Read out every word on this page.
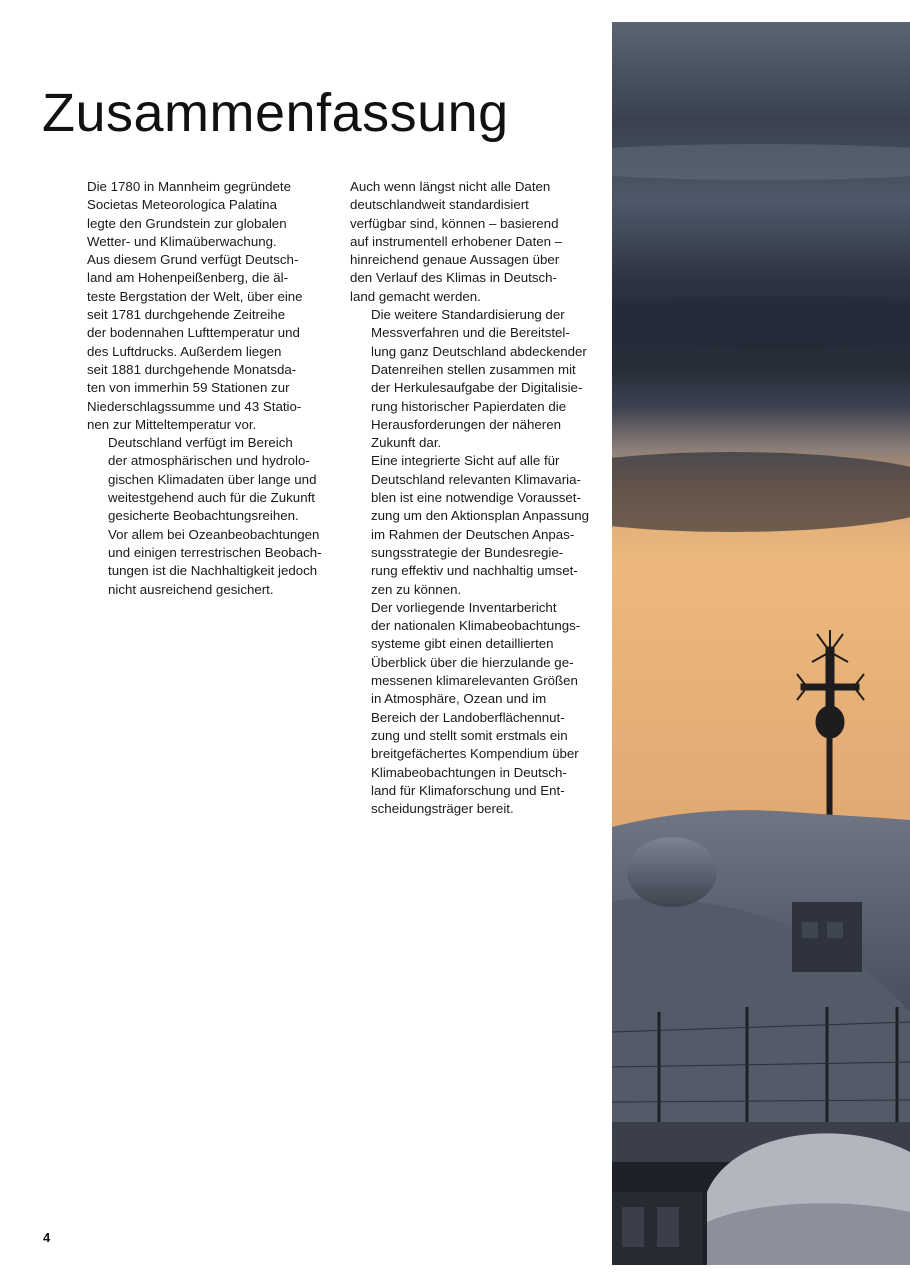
Zusammenfassung

Die 1780 in Mannheim gegründete
Societas Meteorologica Palatina
legte den Grundstein zur globalen
Wetter- und Klimaüberwachung.
Aus diesem Grund verfügt Deutsch-
land am Hohenpeißenberg, die äl-
teste Bergstation der Welt, über eine
seit 1781 durchgehende Zeitreihe
der bodennahen Lufttemperatur und
des Luftdrucks. Außerdem liegen
seit 1881 durchgehende Monatsda-
ten von immerhin 59 Stationen zur
Niederschlagssumme und 43 Statio-
nen zur Mitteltemperatur vor.

Deutschland verfügt im Bereich
der atmosphärischen und hydrolo-
gischen Klimadaten über lange und
weitestgehend auch für die Zukunft
gesicherte Beobachtungsreihen.
Vor allem bei Ozeanbeobachtungen
und einigen terrestrischen Beobach-
tungen ist die Nachhaltigkeit jedoch
nicht ausreichend gesichert.

Auch wenn längst nicht alle Daten
deutschlandweit standardisiert
verfügbar sind, können – basierend
auf instrumentell erhobener Daten –
hinreichend genaue Aussagen über
den Verlauf des Klimas in Deutsch-
land gemacht werden.

Die weitere Standardisierung der
Messverfahren und die Bereitstel-
lung ganz Deutschland abdeckender
Datenreihen stellen zusammen mit
der Herkulesaufgabe der Digitalisie-
rung historischer Papierdaten die
Herausforderungen der näheren
Zukunft dar.

Eine integrierte Sicht auf alle für
Deutschland relevanten Klimavaria-
blen ist eine notwendige Vorausset-
zung um den Aktionsplan Anpassung
im Rahmen der Deutschen Anpas-
sungsstrategie der Bundesregie-
rung effektiv und nachhaltig umset-
zen zu können.

Der vorliegende Inventarbericht
der nationalen Klimabeobachtungs-
systeme gibt einen detaillierten
Überblick über die hierzulande ge-
messenen klimarelevanten Größen
in Atmosphäre, Ozean und im
Bereich der Landoberflächennut-
zung und stellt somit erstmals ein
breitgefächertes Kompendium über
Klimabeobachtungen in Deutsch-
land für Klimaforschung und Ent-
scheidungsträger bereit.

4
